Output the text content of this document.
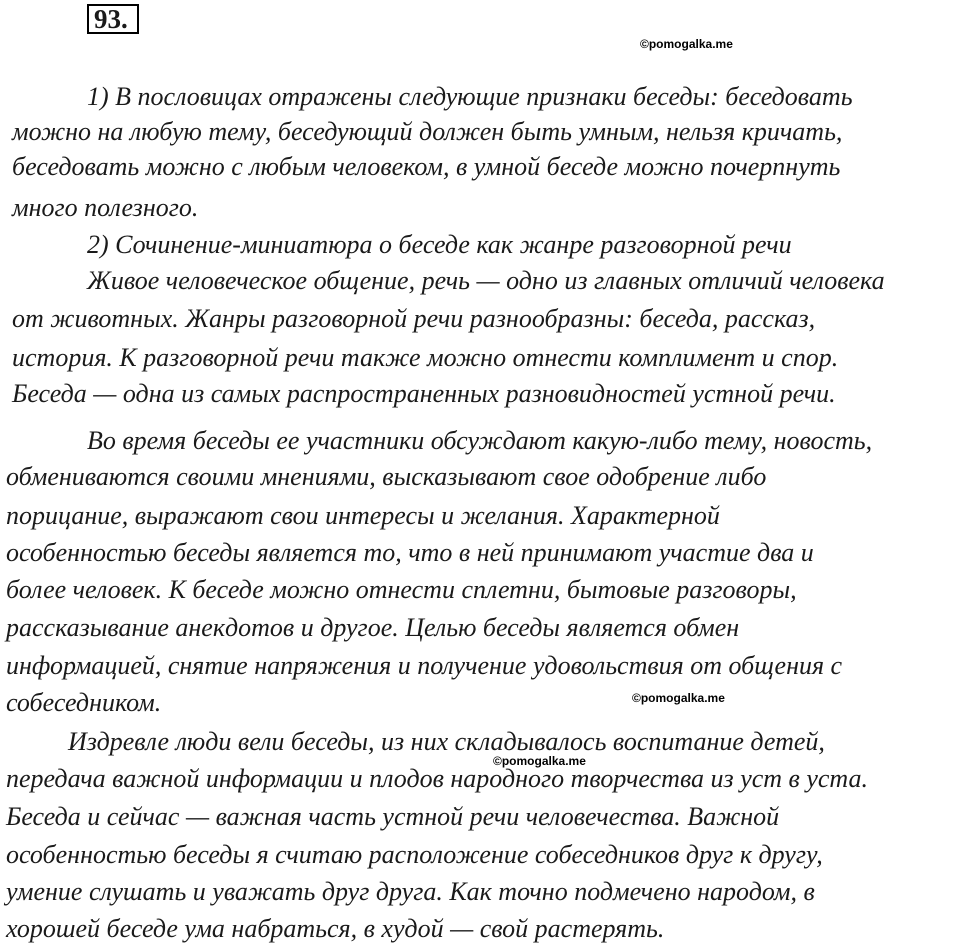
93.
©pomogalka.me
©pomogalka.me
©pomogalka.me
1) В пословицах отражены следующие признаки беседы: беседовать
можно на любую тему, беседующий должен быть умным, нельзя кричать,
беседовать можно с любым человеком, в умной беседе можно почерпнуть
много полезного.
2) Сочинение-миниатюра о беседе как жанре разговорной речи
Живое человеческое общение, речь — одно из главных отличий человека
от животных. Жанры разговорной речи разнообразны: беседа, рассказ,
история. К разговорной речи также можно отнести комплимент и спор.
Беседа — одна из самых распространенных разновидностей устной речи.
Во время беседы ее участники обсуждают какую-либо тему, новость,
обмениваются своими мнениями, высказывают свое одобрение либо
порицание, выражают свои интересы и желания. Характерной
особенностью беседы является то, что в ней принимают участие два и
более человек. К беседе можно отнести сплетни, бытовые разговоры,
рассказывание анекдотов и другое. Целью беседы является обмен
информацией, снятие напряжения и получение удовольствия от общения с
собеседником.
Издревле люди вели беседы, из них складывалось воспитание детей,
передача важной информации и плодов народного творчества из уст в уста.
Беседа и сейчас — важная часть устной речи человечества. Важной
особенностью беседы я считаю расположение собеседников друг к другу,
умение слушать и уважать друг друга. Как точно подмечено народом, в
хорошей беседе ума набраться, в худой — свой растерять.
